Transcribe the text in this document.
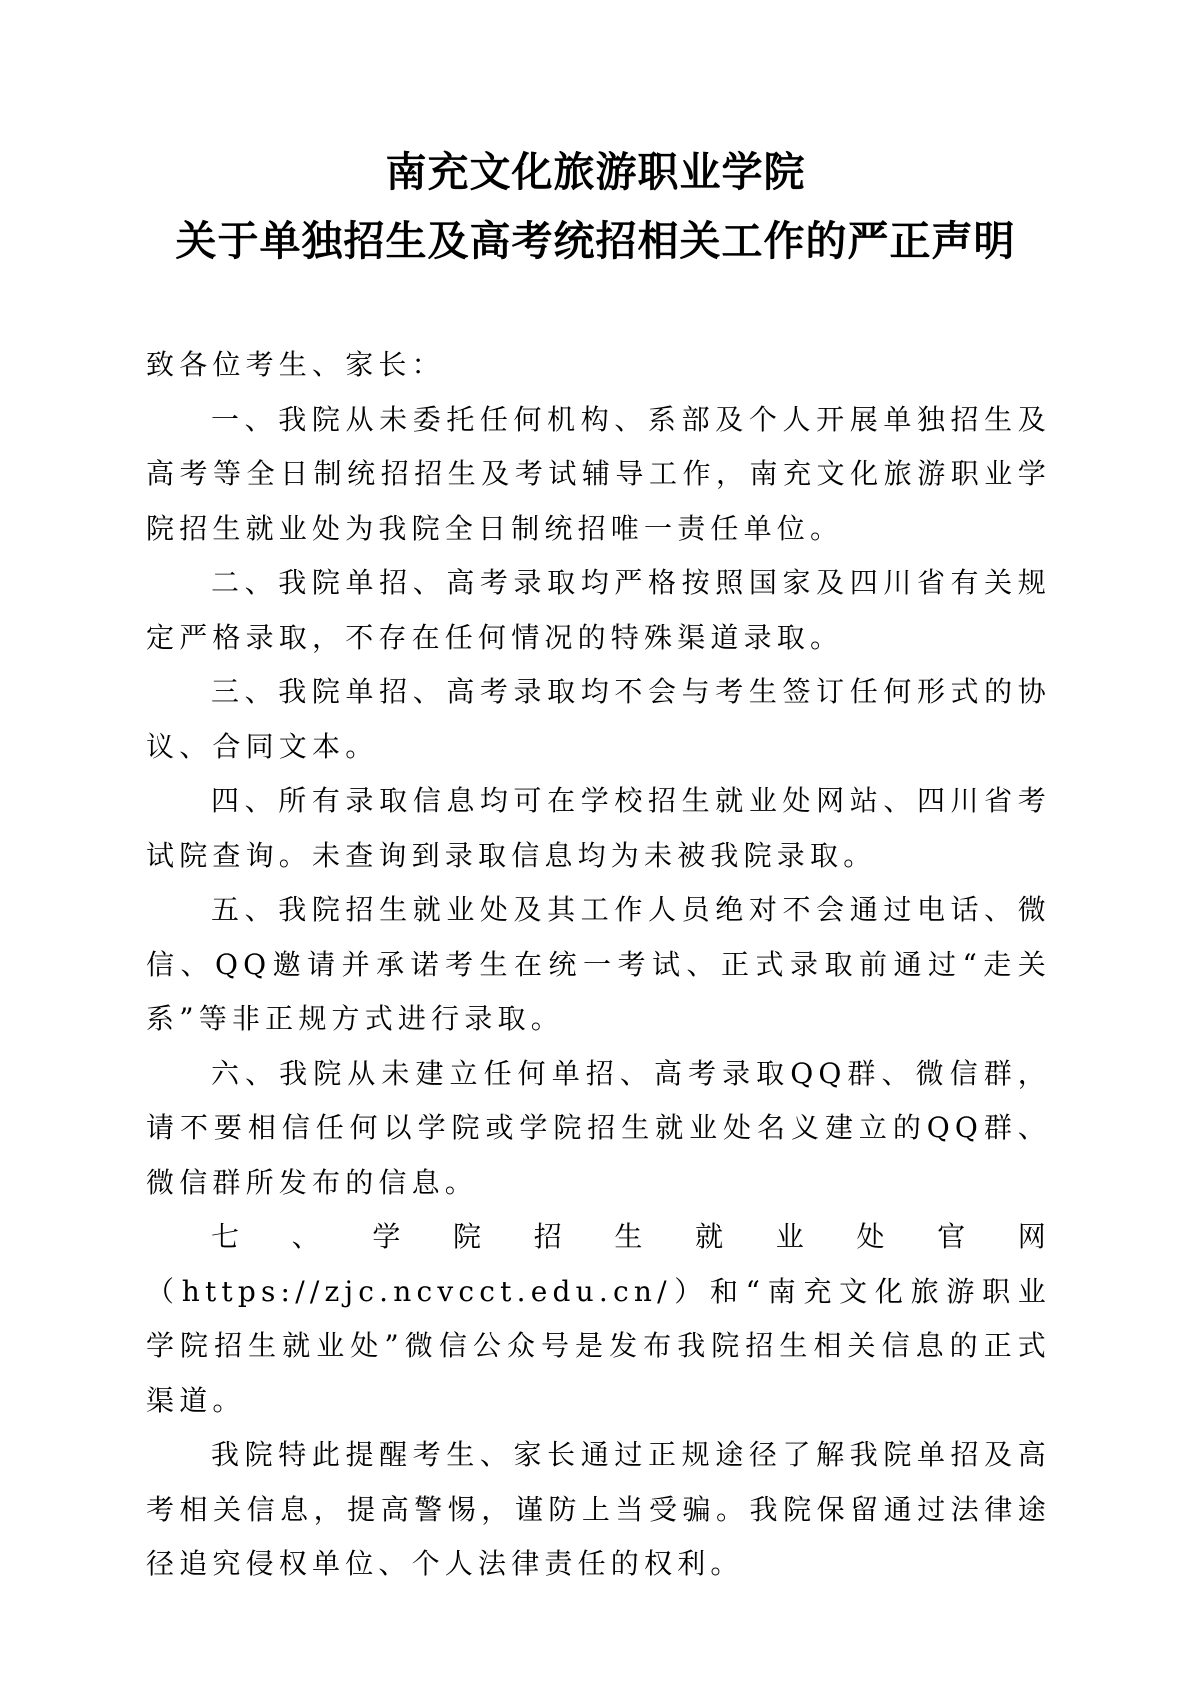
南充文化旅游职业学院
关于单独招生及高考统招相关工作的严正声明

致各位考生、家长：

一、我院从未委托任何机构、系部及个人开展单独招生及高考等全日制统招招生及考试辅导工作，南充文化旅游职业学院招生就业处为我院全日制统招唯一责任单位。

二、我院单招、高考录取均严格按照国家及四川省有关规定严格录取，不存在任何情况的特殊渠道录取。

三、我院单招、高考录取均不会与考生签订任何形式的协议、合同文本。

四、所有录取信息均可在学校招生就业处网站、四川省考试院查询。未查询到录取信息均为未被我院录取。

五、我院招生就业处及其工作人员绝对不会通过电话、微信、QQ邀请并承诺考生在统一考试、正式录取前通过“走关系”等非正规方式进行录取。

六、我院从未建立任何单招、高考录取QQ群、微信群，请不要相信任何以学院或学院招生就业处名义建立的QQ群、微信群所发布的信息。

七、学院招生就业处官网（https://zjc.ncvcct.edu.cn/）和“南充文化旅游职业学院招生就业处”微信公众号是发布我院招生相关信息的正式渠道。

我院特此提醒考生、家长通过正规途径了解我院单招及高考相关信息，提高警惕，谨防上当受骗。我院保留通过法律途径追究侵权单位、个人法律责任的权利。
